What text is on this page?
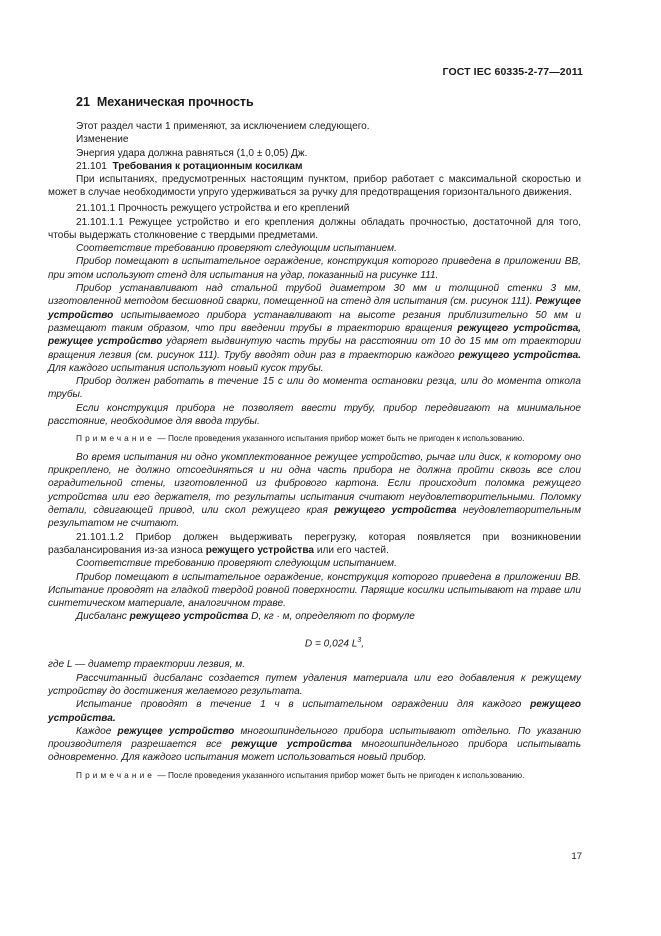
ГОСТ IEC 60335-2-77—2011
21 Механическая прочность

Этот раздел части 1 применяют, за исключением следующего.

Изменение

Энергия удара должна равняться (1,0 ± 0,05) Дж.

21.101 Требования к ротационным косилкам

При испытаниях, предусмотренных настоящим пунктом, прибор работает с максимальной скоростью и может в случае необходимости упруго удерживаться за ручку для предотвращения горизонтального движения.

21.101.1 Прочность режущего устройства и его креплений

21.101.1.1 Режущее устройство и его крепления должны обладать прочностью, достаточной для того, чтобы выдержать столкновение с твердыми предметами.

Соответствие требованию проверяют следующим испытанием.

Прибор помещают в испытательное ограждение, конструкция которого приведена в приложении ВВ, при этом используют стенд для испытания на удар, показанный на рисунке 111.

Прибор устанавливают над стальной трубой диаметром 30 мм и толщиной стенки 3 мм, изготовленной методом бесшовной сварки, помещенной на стенд для испытания (см. рисунок 111). Режущее устройство испытываемого прибора устанавливают на высоте резания приблизительно 50 мм и размещают таким образом, что при введении трубы в траекторию вращения режущего устройства, режущее устройство ударяет выдвинутую часть трубы на расстоянии от 10 до 15 мм от траектории вращения лезвия (см. рисунок 111). Трубу вводят один раз в траекторию каждого режущего устройства. Для каждого испытания используют новый кусок трубы.

Прибор должен работать в течение 15 с или до момента остановки резца, или до момента откола трубы.

Если конструкция прибора не позволяет ввести трубу, прибор передвигают на минимальное расстояние, необходимое для ввода трубы.

Примечание — После проведения указанного испытания прибор может быть не пригоден к использованию.

Во время испытания ни одно укомплектованное режущее устройство, рычаг или диск, к которому оно прикреплено, не должно отсоединяться и ни одна часть прибора не должна пройти сквозь все слои оградительной стены, изготовленной из фибрового картона. Если происходит поломка режущего устройства или его держателя, то результаты испытания считают неудовлетворительными. Поломку детали, сдвигающей привод, или скол режущего края режущего устройства неудовлетворительным результатом не считают.

21.101.1.2 Прибор должен выдерживать перегрузку, которая появляется при возникновении разбалансирования из-за износа режущего устройства или его частей.

Соответствие требованию проверяют следующим испытанием.

Прибор помещают в испытательное ограждение, конструкция которого приведена в приложении ВВ. Испытание проводят на гладкой твердой ровной поверхности. Парящие косилки испытывают на траве или синтетическом материале, аналогичном траве.

Дисбаланс режущего устройства D, кг · м, определяют по формуле

D = 0,024 $L^3$,

где L — диаметр траектории лезвия, м.

Рассчитанный дисбаланс создается путем удаления материала или его добавления к режущему устройству до достижения желаемого результата.

Испытание проводят в течение 1 ч в испытательном ограждении для каждого режущего устройства.

Каждое режущее устройство многошпиндельного прибора испытывают отдельно. По указанию производителя разрешается все режущие устройства многошпиндельного прибора испытывать одновременно. Для каждого испытания может использоваться новый прибор.

Примечание — После проведения указанного испытания прибор может быть не пригоден к использованию.

17
